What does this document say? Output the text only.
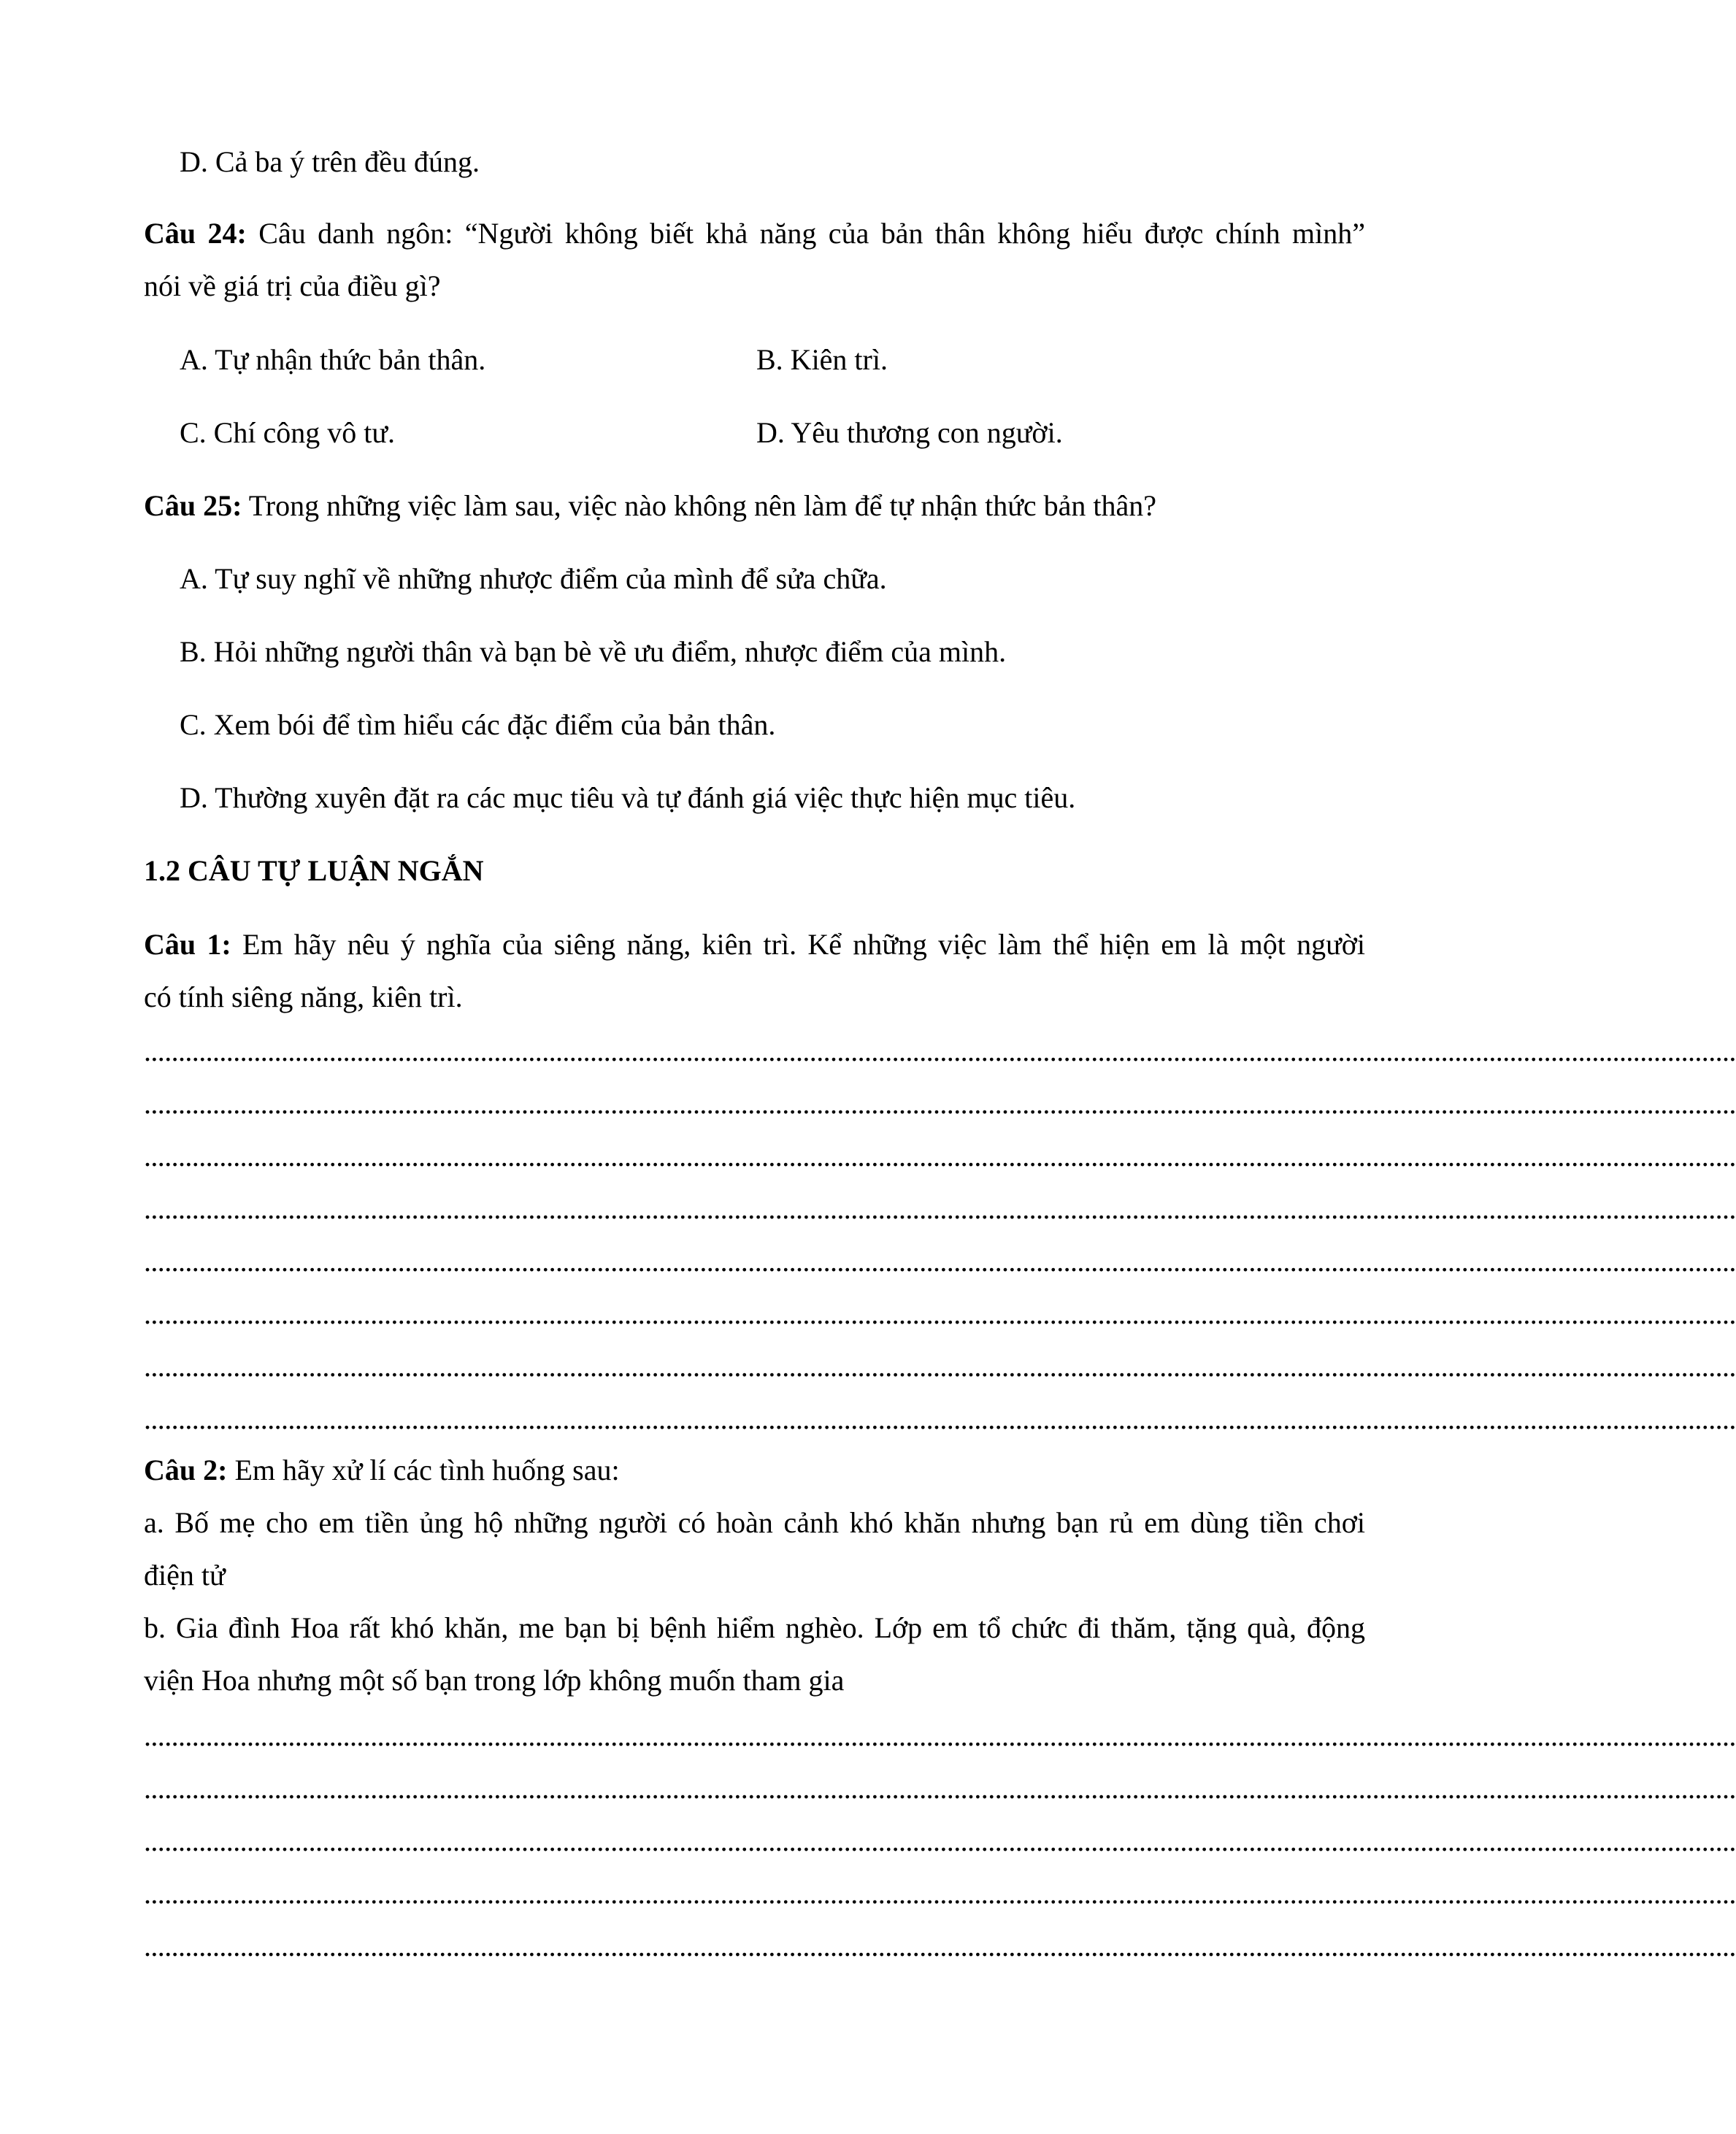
D. Cả ba ý trên đều đúng.
Câu 24: Câu danh ngôn: “Người không biết khả năng của bản thân không hiểu được chính mình”
nói về giá trị của điều gì?
A. Tự nhận thức bản thân.	B. Kiên trì.
C. Chí công vô tư.	D. Yêu thương con người.
Câu 25: Trong những việc làm sau, việc nào không nên làm để tự nhận thức bản thân?
A. Tự suy nghĩ về những nhược điểm của mình để sửa chữa.
B. Hỏi những người thân và bạn bè về ưu điểm, nhược điểm của mình.
C. Xem bói để tìm hiểu các đặc điểm của bản thân.
D. Thường xuyên đặt ra các mục tiêu và tự đánh giá việc thực hiện mục tiêu.
1.2 CÂU TỰ LUẬN NGẮN
Câu 1: Em hãy nêu ý nghĩa của siêng năng, kiên trì. Kể những việc làm thể hiện em là một người
có tính siêng năng, kiên trì.
........................................................................................................................................................................................................................................
........................................................................................................................................................................................................................................
........................................................................................................................................................................................................................................
........................................................................................................................................................................................................................................
........................................................................................................................................................................................................................................
........................................................................................................................................................................................................................................
........................................................................................................................................................................................................................................
........................................................................................................................................................................................................................................
Câu 2: Em hãy xử lí các tình huống sau:
a. Bố mẹ cho em tiền ủng hộ những người có hoàn cảnh khó khăn nhưng bạn rủ em dùng tiền chơi
điện tử
b. Gia đình Hoa rất khó khăn, me bạn bị bệnh hiểm nghèo. Lớp em tổ chức đi thăm, tặng quà, động
viện Hoa nhưng một số bạn trong lớp không muốn tham gia
........................................................................................................................................................................................................................................
........................................................................................................................................................................................................................................
........................................................................................................................................................................................................................................
........................................................................................................................................................................................................................................
........................................................................................................................................................................................................................................
